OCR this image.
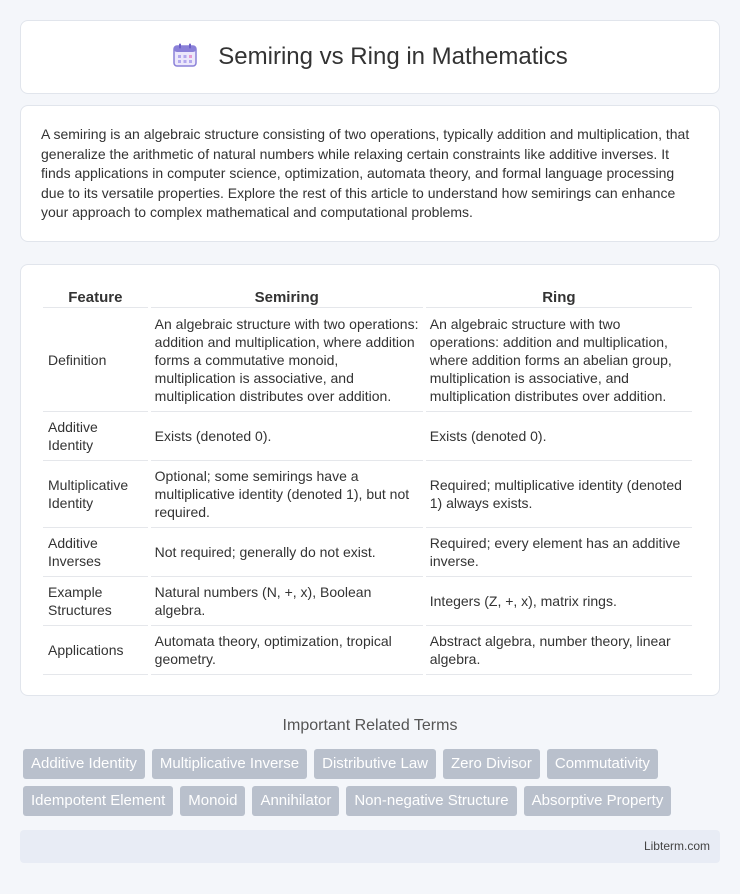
Semiring vs Ring in Mathematics

A semiring is an algebraic structure consisting of two operations, typically addition and multiplication, that generalize the arithmetic of natural numbers while relaxing certain constraints like additive inverses. It finds applications in computer science, optimization, automata theory, and formal language processing due to its versatile properties. Explore the rest of this article to understand how semirings can enhance your approach to complex mathematical and computational problems.

Feature	Semiring	Ring
Definition	An algebraic structure with two operations: addition and multiplication, where addition forms a commutative monoid, multiplication is associative, and multiplication distributes over addition.	An algebraic structure with two operations: addition and multiplication, where addition forms an abelian group, multiplication is associative, and multiplication distributes over addition.
Additive Identity	Exists (denoted 0).	Exists (denoted 0).
Multiplicative Identity	Optional; some semirings have a multiplicative identity (denoted 1), but not required.	Required; multiplicative identity (denoted 1) always exists.
Additive Inverses	Not required; generally do not exist.	Required; every element has an additive inverse.
Example Structures	Natural numbers (N, +, x), Boolean algebra.	Integers (Z, +, x), matrix rings.
Applications	Automata theory, optimization, tropical geometry.	Abstract algebra, number theory, linear algebra.
Important Related Terms
Additive Identity	Multiplicative Inverse	Distributive Law	Zero Divisor	Commutativity
Idempotent Element	Monoid	Annihilator	Non-negative Structure	Absorptive Property
Libterm.com
